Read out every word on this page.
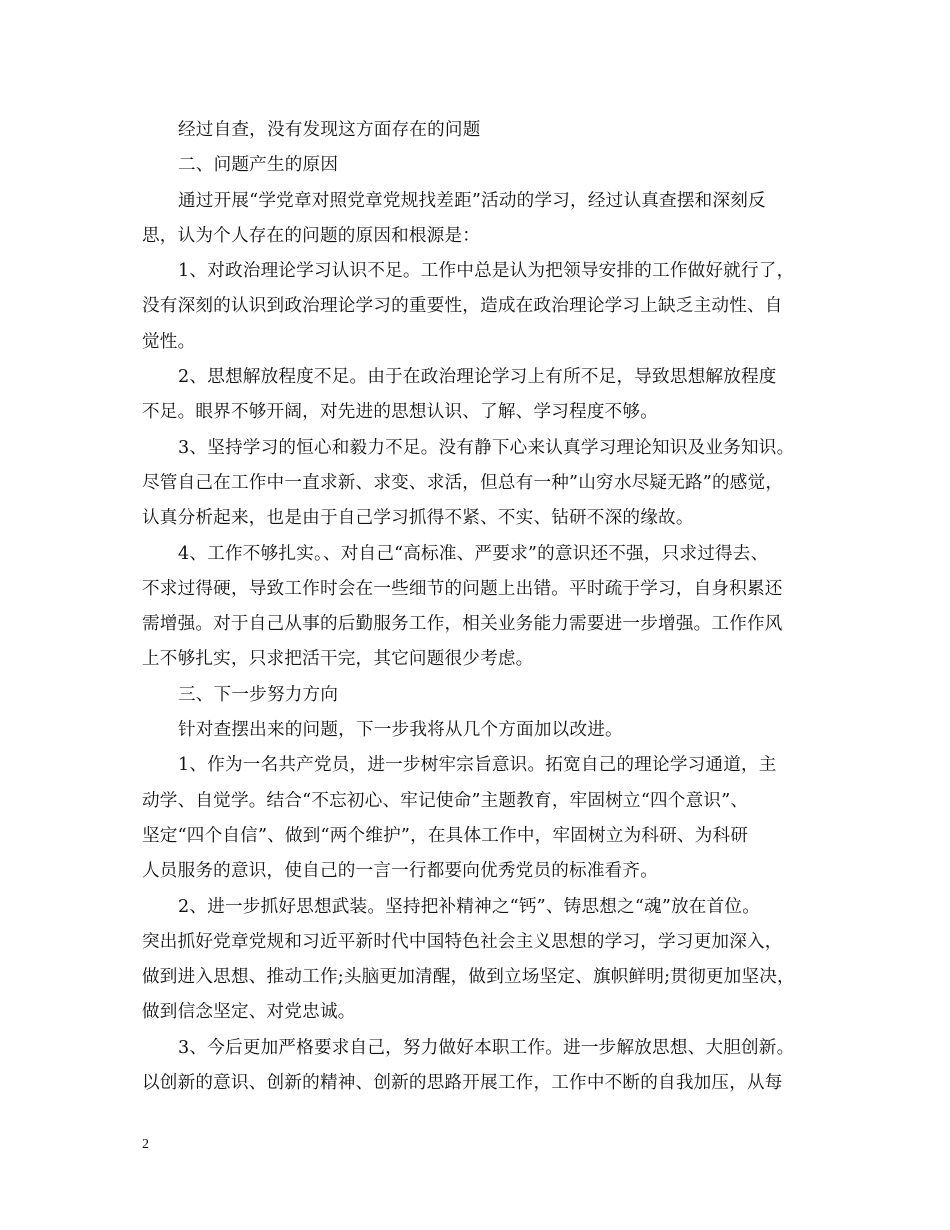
经过自查，没有发现这方面存在的问题
二、问题产生的原因
通过开展“学党章对照党章党规找差距”活动的学习，经过认真查摆和深刻反
思，认为个人存在的问题的原因和根源是：
1、对政治理论学习认识不足。工作中总是认为把领导安排的工作做好就行了，
没有深刻的认识到政治理论学习的重要性，造成在政治理论学习上缺乏主动性、自
觉性。
2、思想解放程度不足。由于在政治理论学习上有所不足，导致思想解放程度
不足。眼界不够开阔，对先进的思想认识、了解、学习程度不够。
3、坚持学习的恒心和毅力不足。没有静下心来认真学习理论知识及业务知识。
尽管自己在工作中一直求新、求变、求活，但总有一种”山穷水尽疑无路”的感觉，
认真分析起来，也是由于自己学习抓得不紧、不实、钻研不深的缘故。
4、工作不够扎实。、对自己“高标准、严要求”的意识还不强，只求过得去、
不求过得硬，导致工作时会在一些细节的问题上出错。平时疏于学习，自身积累还
需增强。对于自己从事的后勤服务工作，相关业务能力需要进一步增强。工作作风
上不够扎实，只求把活干完，其它问题很少考虑。
三、下一步努力方向
针对查摆出来的问题，下一步我将从几个方面加以改进。
1、作为一名共产党员，进一步树牢宗旨意识。拓宽自己的理论学习通道，主
动学、自觉学。结合“不忘初心、牢记使命”主题教育，牢固树立“四个意识”、
坚定“四个自信”、做到“两个维护”，在具体工作中，牢固树立为科研、为科研
人员服务的意识，使自己的一言一行都要向优秀党员的标准看齐。
2、进一步抓好思想武装。坚持把补精神之“钙”、铸思想之“魂”放在首位。
突出抓好党章党规和习近平新时代中国特色社会主义思想的学习，学习更加深入，
做到进入思想、推动工作;头脑更加清醒，做到立场坚定、旗帜鲜明;贯彻更加坚决，
做到信念坚定、对党忠诚。
3、今后更加严格要求自己，努力做好本职工作。进一步解放思想、大胆创新。
以创新的意识、创新的精神、创新的思路开展工作，工作中不断的自我加压，从每
2
